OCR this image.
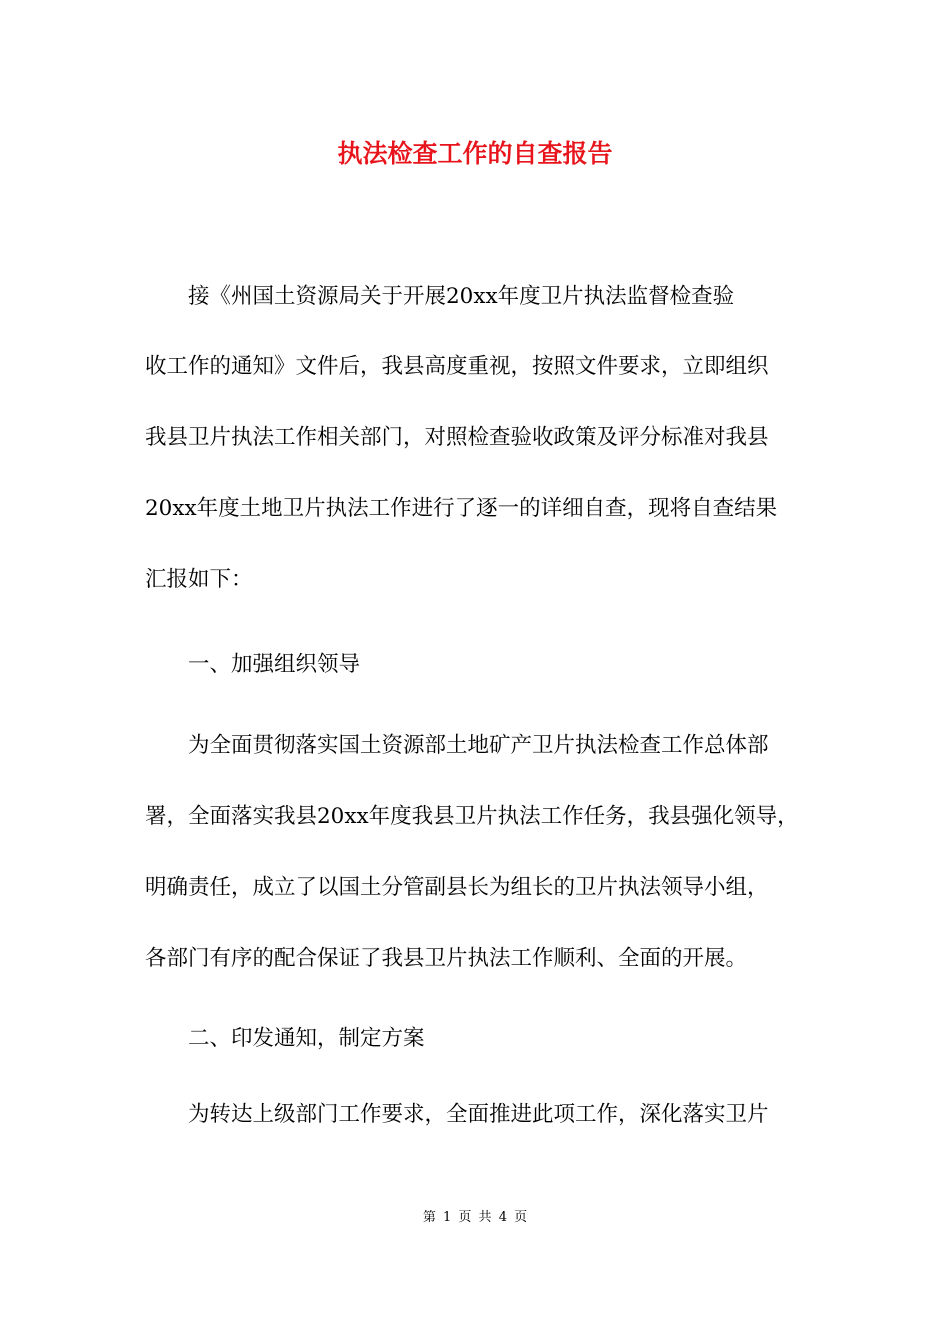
执法检查工作的自查报告
　　接《州国土资源局关于开展20xx年度卫片执法监督检查验
收工作的通知》文件后，我县高度重视，按照文件要求，立即组织
我县卫片执法工作相关部门，对照检查验收政策及评分标准对我县
20xx年度土地卫片执法工作进行了逐一的详细自查，现将自查结果
汇报如下：
　　一、加强组织领导
　　为全面贯彻落实国土资源部土地矿产卫片执法检查工作总体部
署，全面落实我县20xx年度我县卫片执法工作任务，我县强化领导，
明确责任，成立了以国土分管副县长为组长的卫片执法领导小组，
各部门有序的配合保证了我县卫片执法工作顺利、全面的开展。
　　二、印发通知，制定方案
　　为转达上级部门工作要求，全面推进此项工作，深化落实卫片
第 1 页 共 4 页
